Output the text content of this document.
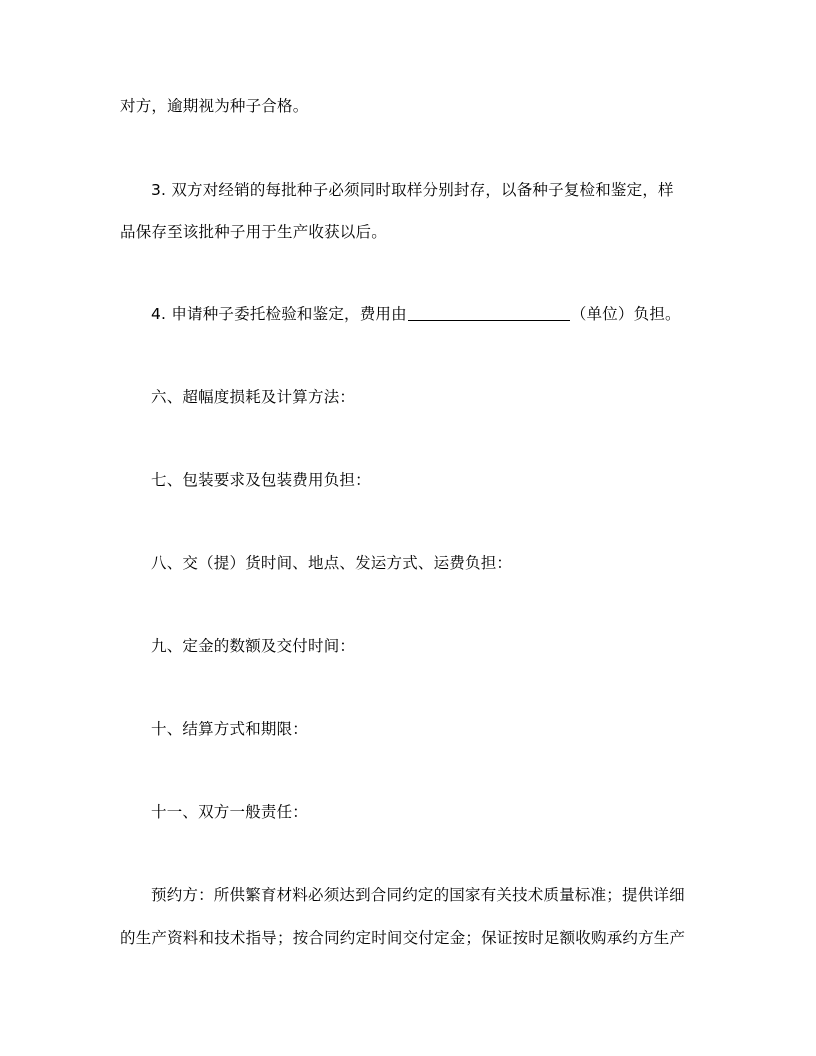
对方，逾期视为种子合格。
3. 双方对经销的每批种子必须同时取样分别封存，以备种子复检和鉴定，样
品保存至该批种子用于生产收获以后。
4. 申请种子委托检验和鉴定，费用由	（单位）负担。
六、超幅度损耗及计算方法：
七、包装要求及包装费用负担：
八、交（提）货时间、地点、发运方式、运费负担：
九、定金的数额及交付时间：
十、结算方式和期限：
十一、双方一般责任：
预约方：所供繁育材料必须达到合同约定的国家有关技术质量标准；提供详细
的生产资料和技术指导；按合同约定时间交付定金；保证按时足额收购承约方生产
